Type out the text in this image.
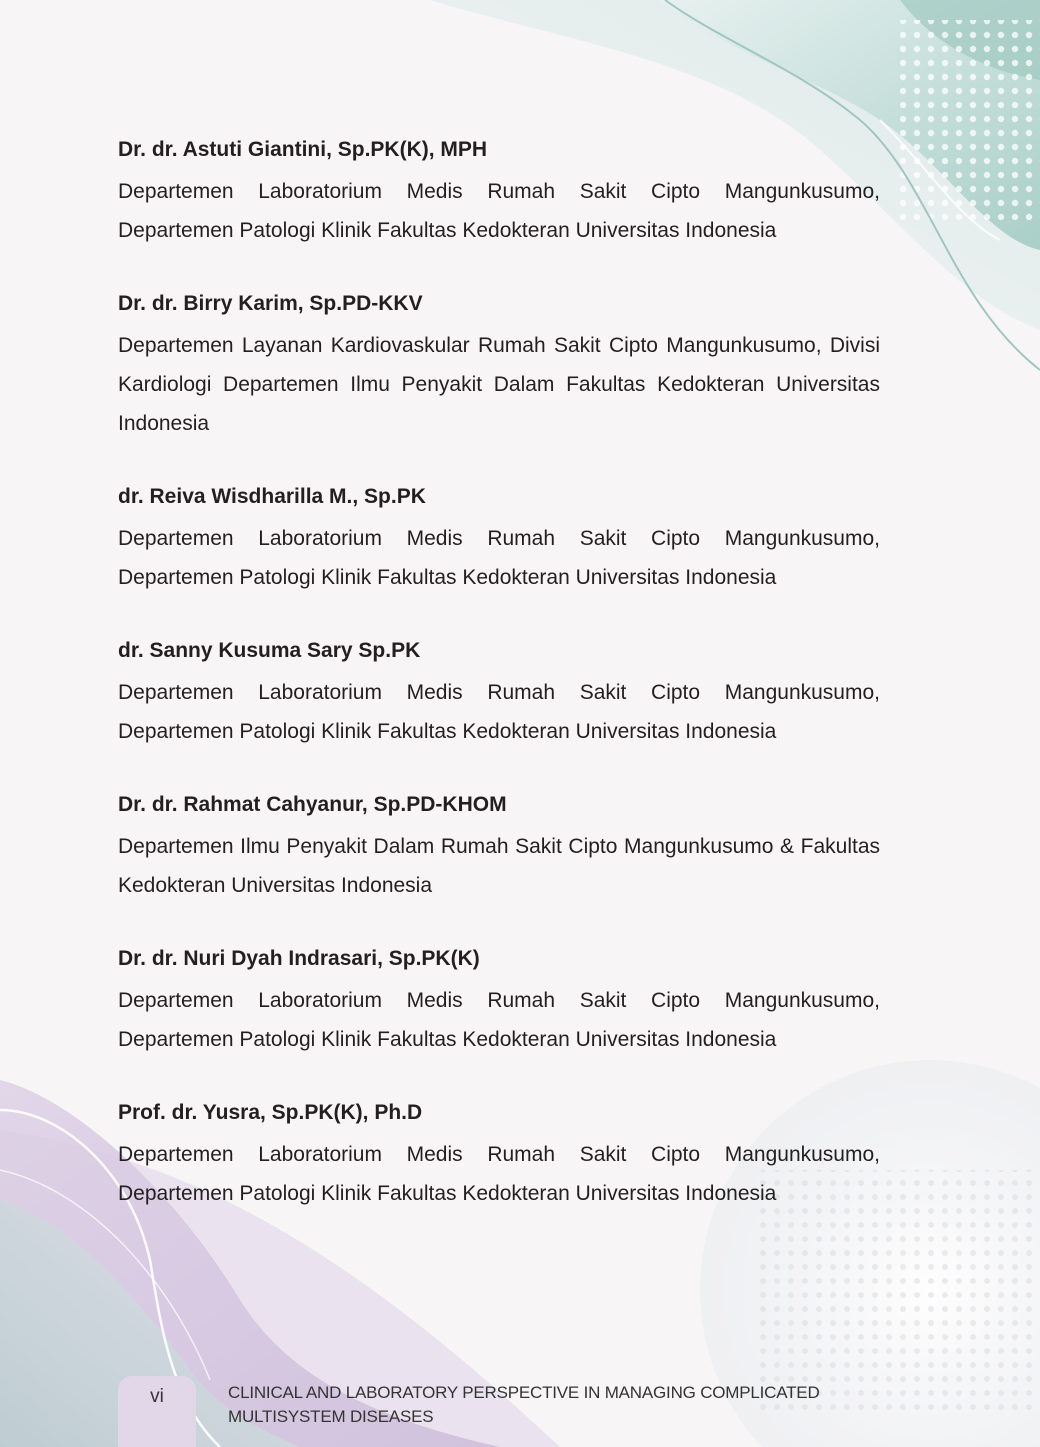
Dr. dr. Astuti Giantini, Sp.PK(K), MPH
Departemen Laboratorium Medis Rumah Sakit Cipto Mangunkusumo, Departemen Patologi Klinik Fakultas Kedokteran Universitas Indonesia
Dr. dr. Birry Karim, Sp.PD-KKV
Departemen Layanan Kardiovaskular Rumah Sakit Cipto Mangunkusumo, Divisi Kardiologi Departemen Ilmu Penyakit Dalam Fakultas Kedokteran Universitas Indonesia
dr. Reiva Wisdharilla M., Sp.PK
Departemen Laboratorium Medis Rumah Sakit Cipto Mangunkusumo, Departemen Patologi Klinik Fakultas Kedokteran Universitas Indonesia
dr. Sanny Kusuma Sary Sp.PK
Departemen Laboratorium Medis Rumah Sakit Cipto Mangunkusumo, Departemen Patologi Klinik Fakultas Kedokteran Universitas Indonesia
Dr. dr. Rahmat Cahyanur, Sp.PD-KHOM
Departemen Ilmu Penyakit Dalam Rumah Sakit Cipto Mangunkusumo & Fakultas Kedokteran Universitas Indonesia
Dr. dr. Nuri Dyah Indrasari, Sp.PK(K)
Departemen Laboratorium Medis Rumah Sakit Cipto Mangunkusumo, Departemen Patologi Klinik Fakultas Kedokteran Universitas Indonesia
Prof. dr. Yusra, Sp.PK(K), Ph.D
Departemen Laboratorium Medis Rumah Sakit Cipto Mangunkusumo, Departemen Patologi Klinik Fakultas Kedokteran Universitas Indonesia
vi	CLINICAL AND LABORATORY PERSPECTIVE IN MANAGING COMPLICATED MULTISYSTEM DISEASES
